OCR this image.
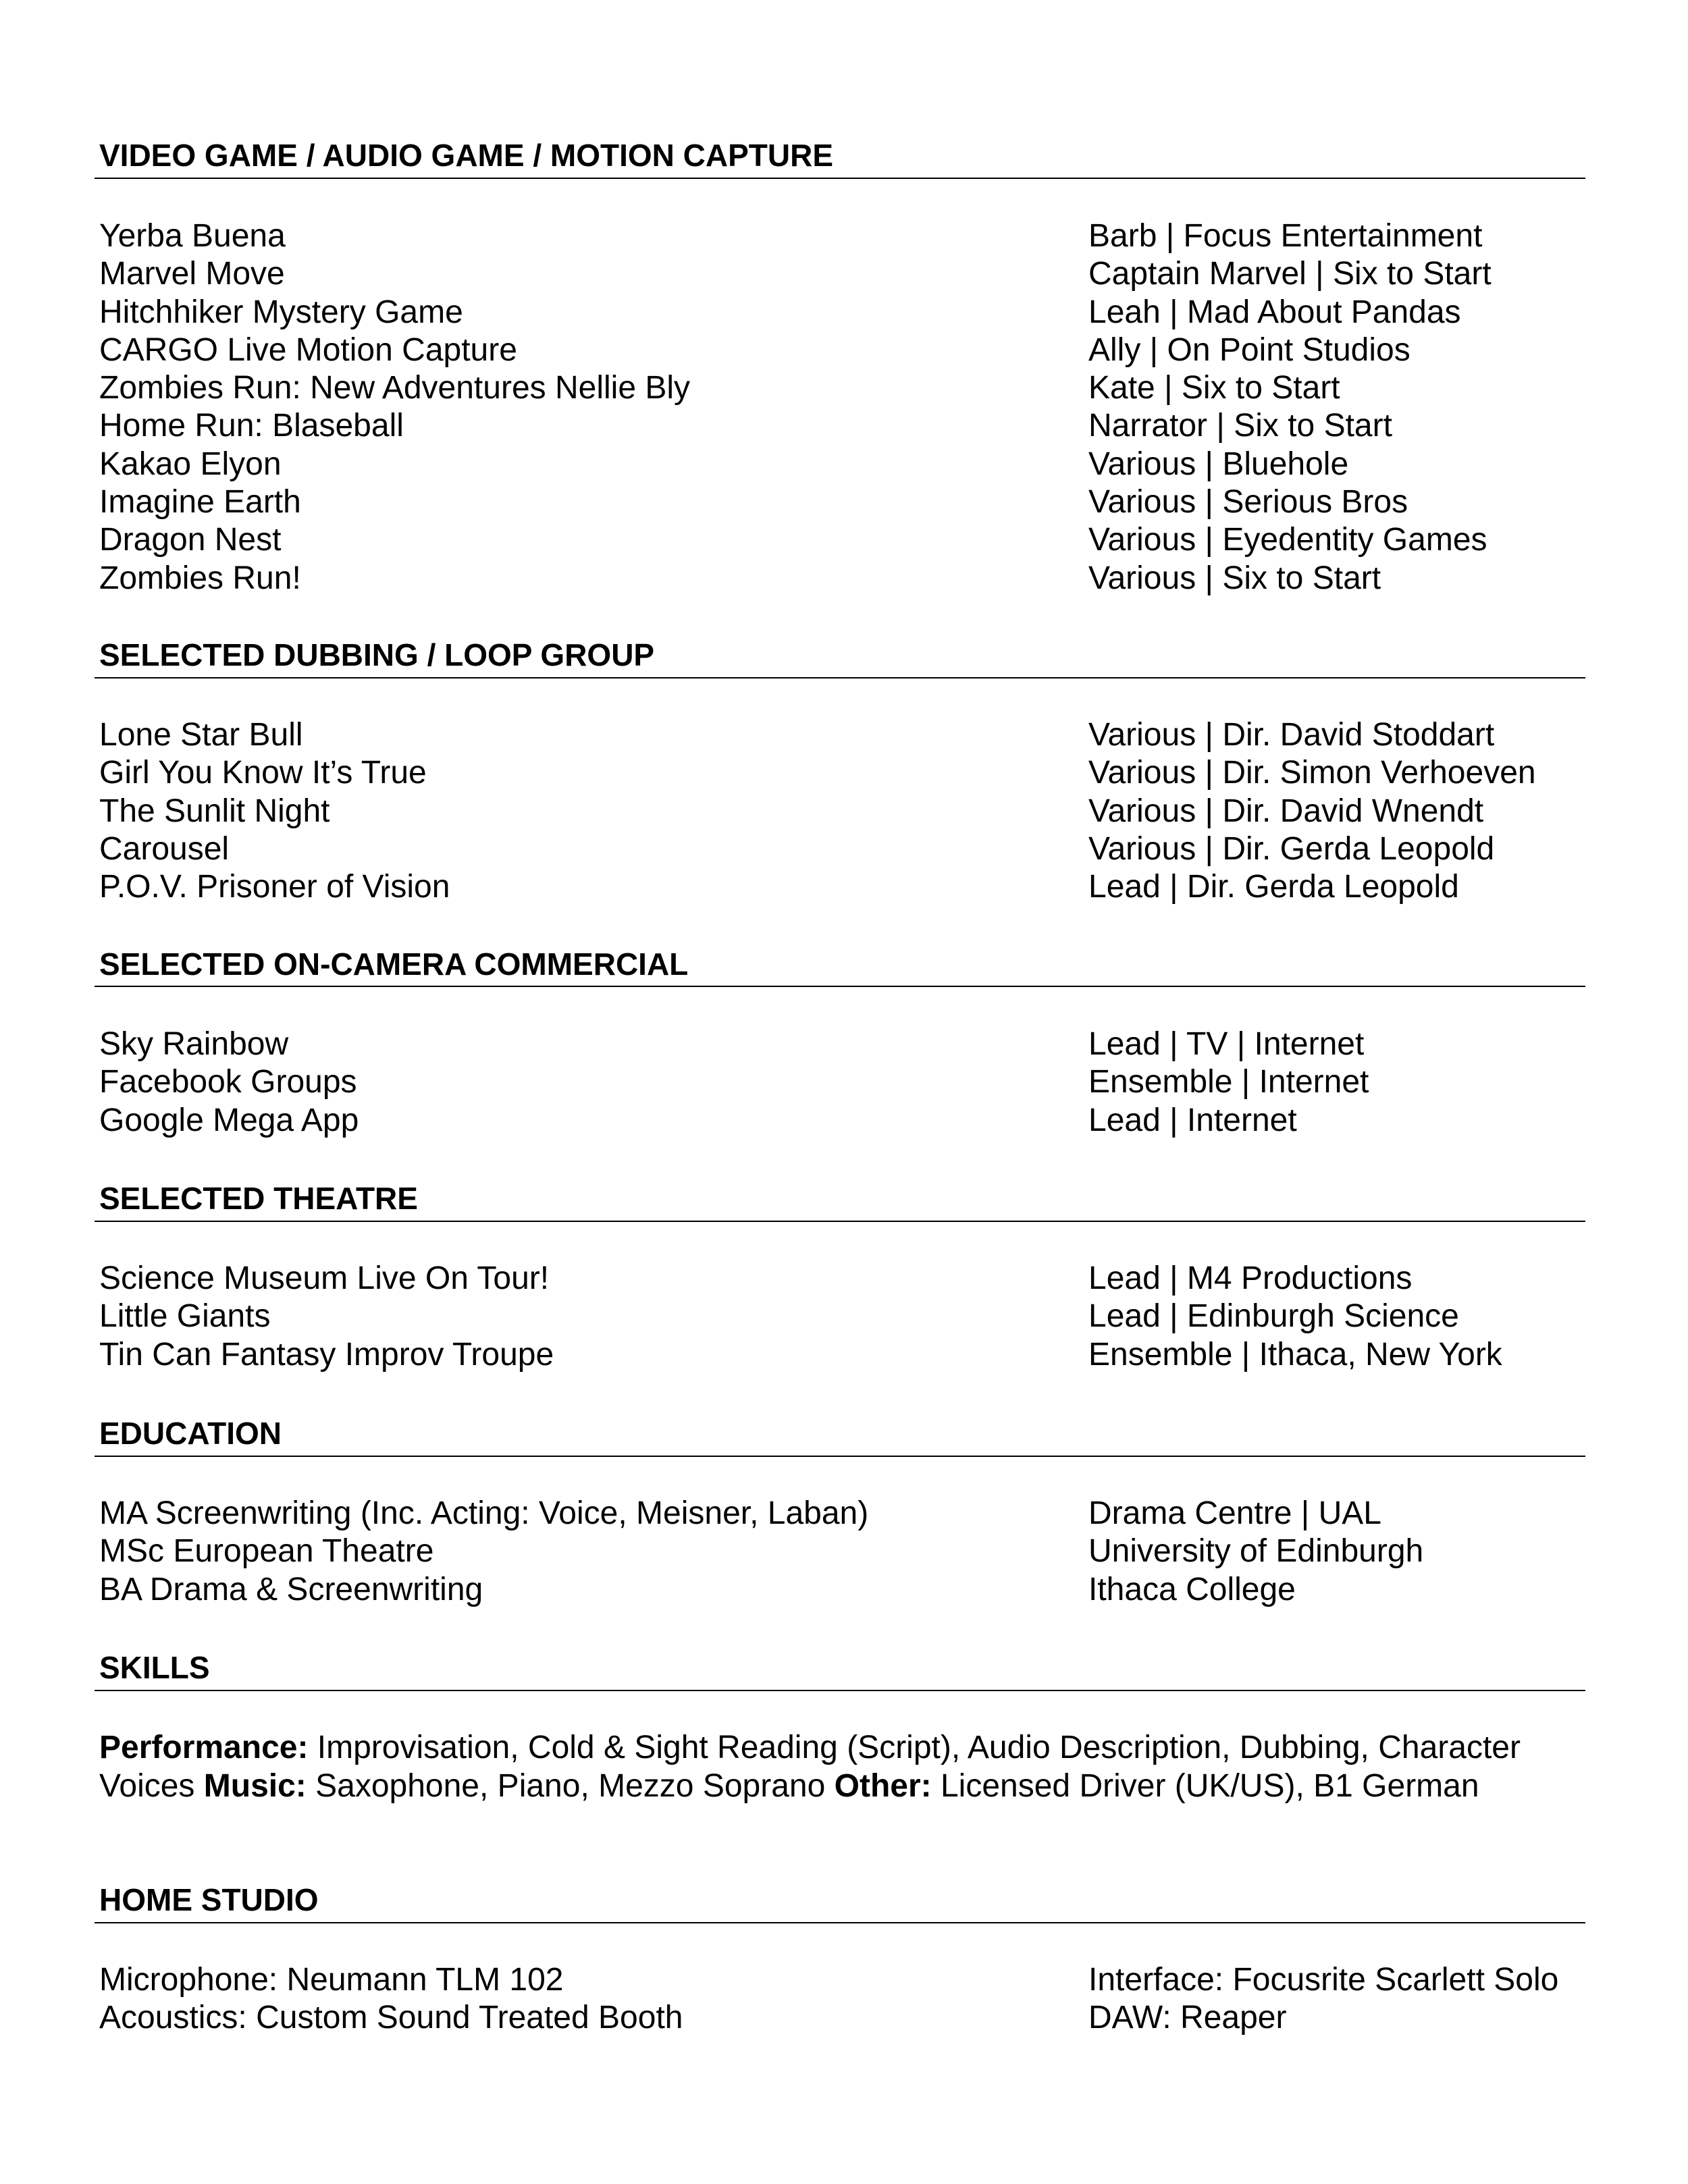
VIDEO GAME / AUDIO GAME / MOTION CAPTURE
Yerba Buena	Barb | Focus Entertainment
Marvel Move	Captain Marvel | Six to Start
Hitchhiker Mystery Game	Leah | Mad About Pandas
CARGO Live Motion Capture	Ally | On Point Studios
Zombies Run: New Adventures Nellie Bly	Kate | Six to Start
Home Run: Blaseball	Narrator | Six to Start
Kakao Elyon	Various | Bluehole
Imagine Earth	Various | Serious Bros
Dragon Nest	Various | Eyedentity Games
Zombies Run!	Various | Six to Start
SELECTED DUBBING / LOOP GROUP
Lone Star Bull	Various | Dir. David Stoddart
Girl You Know It’s True	Various | Dir. Simon Verhoeven
The Sunlit Night	Various | Dir. David Wnendt
Carousel	Various | Dir. Gerda Leopold
P.O.V. Prisoner of Vision	Lead | Dir. Gerda Leopold
SELECTED ON-CAMERA COMMERCIAL
Sky Rainbow	Lead | TV | Internet
Facebook Groups	Ensemble | Internet
Google Mega App	Lead | Internet
SELECTED THEATRE
Science Museum Live On Tour!	Lead | M4 Productions
Little Giants	Lead | Edinburgh Science
Tin Can Fantasy Improv Troupe	Ensemble | Ithaca, New York
EDUCATION
MA Screenwriting (Inc. Acting: Voice, Meisner, Laban)	Drama Centre | UAL
MSc European Theatre	University of Edinburgh
BA Drama & Screenwriting	Ithaca College
SKILLS

Performance: Improvisation, Cold & Sight Reading (Script), Audio Description, Dubbing, Character Voices Music: Saxophone, Piano, Mezzo Soprano Other: Licensed Driver (UK/US), B1 German

HOME STUDIO
Microphone: Neumann TLM 102	Interface: Focusrite Scarlett Solo
Acoustics: Custom Sound Treated Booth	DAW: Reaper
